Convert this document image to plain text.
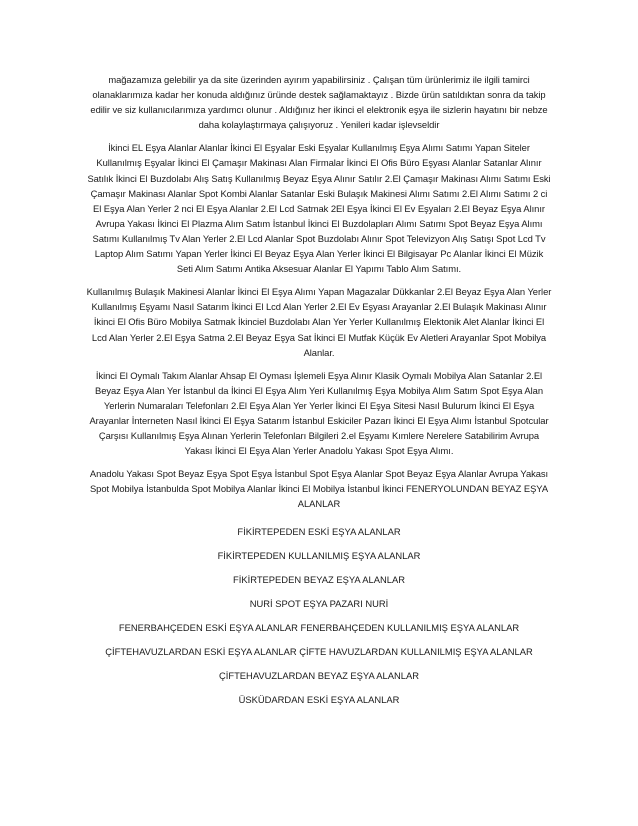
mağazamıza gelebilir ya da site üzerinden ayırım yapabilirsiniz . Çalışan tüm ürünlerimiz ile ilgili tamirci olanaklarımıza kadar her konuda aldığınız üründe destek sağlamaktayız . Bizde ürün satıldıktan sonra da takip edilir ve siz kullanıcılarımıza yardımcı olunur . Aldığınız her ikinci el elektronik eşya ile sizlerin hayatını bir nebze daha kolaylaştırmaya çalışıyoruz . Yenileri kadar işlevseldir

İkinci EL Eşya Alanlar Alanlar İkinci El Eşyalar Eski Eşyalar Kullanılmış Eşya Alımı Satımı Yapan Siteler Kullanılmış Eşyalar İkinci El Çamaşır Makinası Alan Firmalar İkinci El Ofis Büro Eşyası Alanlar Satanlar Alınır Satılık İkinci El Buzdolabı Alış Satış Kullanılmış Beyaz Eşya Alınır Satılır 2.El Çamaşır Makinası Alımı Satımı Eski Çamaşır Makinası Alanlar Spot Kombi Alanlar Satanlar Eski Bulaşık Makinesi Alımı Satımı 2.El Alımı Satımı 2 ci El Eşya Alan Yerler 2 nci El Eşya Alanlar 2.El Lcd Satmak 2El Eşya İkinci El Ev Eşyaları 2.El Beyaz Eşya Alınır Avrupa Yakası İkinci El Plazma Alım Satım İstanbul İkinci El Buzdolapları Alımı Satımı Spot Beyaz Eşya Alımı Satımı Kullanılmış Tv Alan Yerler 2.El Lcd Alanlar Spot Buzdolabı Alınır Spot Televizyon Alış Satışı Spot Lcd Tv Laptop Alım Satımı Yapan Yerler İkinci El Beyaz Eşya Alan Yerler İkinci El Bilgisayar Pc Alanlar İkinci El Müzik Seti Alım Satımı Antika Aksesuar Alanlar El Yapımı Tablo Alım Satımı.

Kullanılmış Bulaşık Makinesi Alanlar İkinci El Eşya Alımı Yapan Magazalar Dükkanlar 2.El Beyaz Eşya Alan Yerler Kullanılmış Eşyamı Nasıl Satarım İkinci El Lcd Alan Yerler 2.El Ev Eşyası Arayanlar 2.El Bulaşık Makinası Alınır İkinci El Ofis Büro Mobilya Satmak İkinciel Buzdolabı Alan Yer Yerler Kullanılmış Elektonik Alet Alanlar İkinci El Lcd Alan Yerler 2.El Eşya Satma 2.El Beyaz Eşya Sat İkinci El Mutfak Küçük Ev Aletleri Arayanlar Spot Mobilya Alanlar.

İkinci El Oymalı Takım Alanlar Ahsap El Oyması İşlemeli Eşya Alınır Klasik Oymalı Mobilya Alan Satanlar 2.El Beyaz Eşya Alan Yer İstanbul da İkinci El Eşya Alım Yeri Kullanılmış Eşya Mobilya Alım Satım Spot Eşya Alan Yerlerin Numaraları Telefonları 2.El Eşya Alan Yer Yerler İkinci El Eşya Sitesi Nasıl Bulurum İkinci El Eşya Arayanlar İnterneten Nasıl İkinci El Eşya Satarım İstanbul Eskiciler Pazarı İkinci El Eşya Alımı İstanbul Spotcular Çarşısı Kullanılmış Eşya Alınan Yerlerin Telefonları Bilgileri 2.el Eşyamı Kımlere Nerelere Satabilirim Avrupa Yakası İkinci El Eşya Alan Yerler Anadolu Yakası Spot Eşya Alımı.

Anadolu Yakası Spot Beyaz Eşya Spot Eşya İstanbul Spot Eşya Alanlar Spot Beyaz Eşya Alanlar Avrupa Yakası Spot Mobilya İstanbulda Spot Mobilya Alanlar İkinci El Mobilya İstanbul İkinci FENERYOLUNDAN BEYAZ EŞYA ALANLAR

FİKİRTEPEDEN ESKİ EŞYA ALANLAR

FİKİRTEPEDEN KULLANILMIŞ EŞYA ALANLAR

FİKİRTEPEDEN BEYAZ EŞYA ALANLAR

NURİ SPOT EŞYA PAZARI NURİ

FENERBAHÇEDEN ESKİ EŞYA ALANLAR FENERBAHÇEDEN KULLANILMIŞ EŞYA ALANLAR

ÇİFTEHAVUZLARDAN ESKİ EŞYA ALANLAR ÇİFTE HAVUZLARDAN KULLANILMIŞ EŞYA ALANLAR

ÇİFTEHAVUZLARDAN BEYAZ EŞYA ALANLAR

ÜSKÜDARDAN ESKİ EŞYA ALANLAR
